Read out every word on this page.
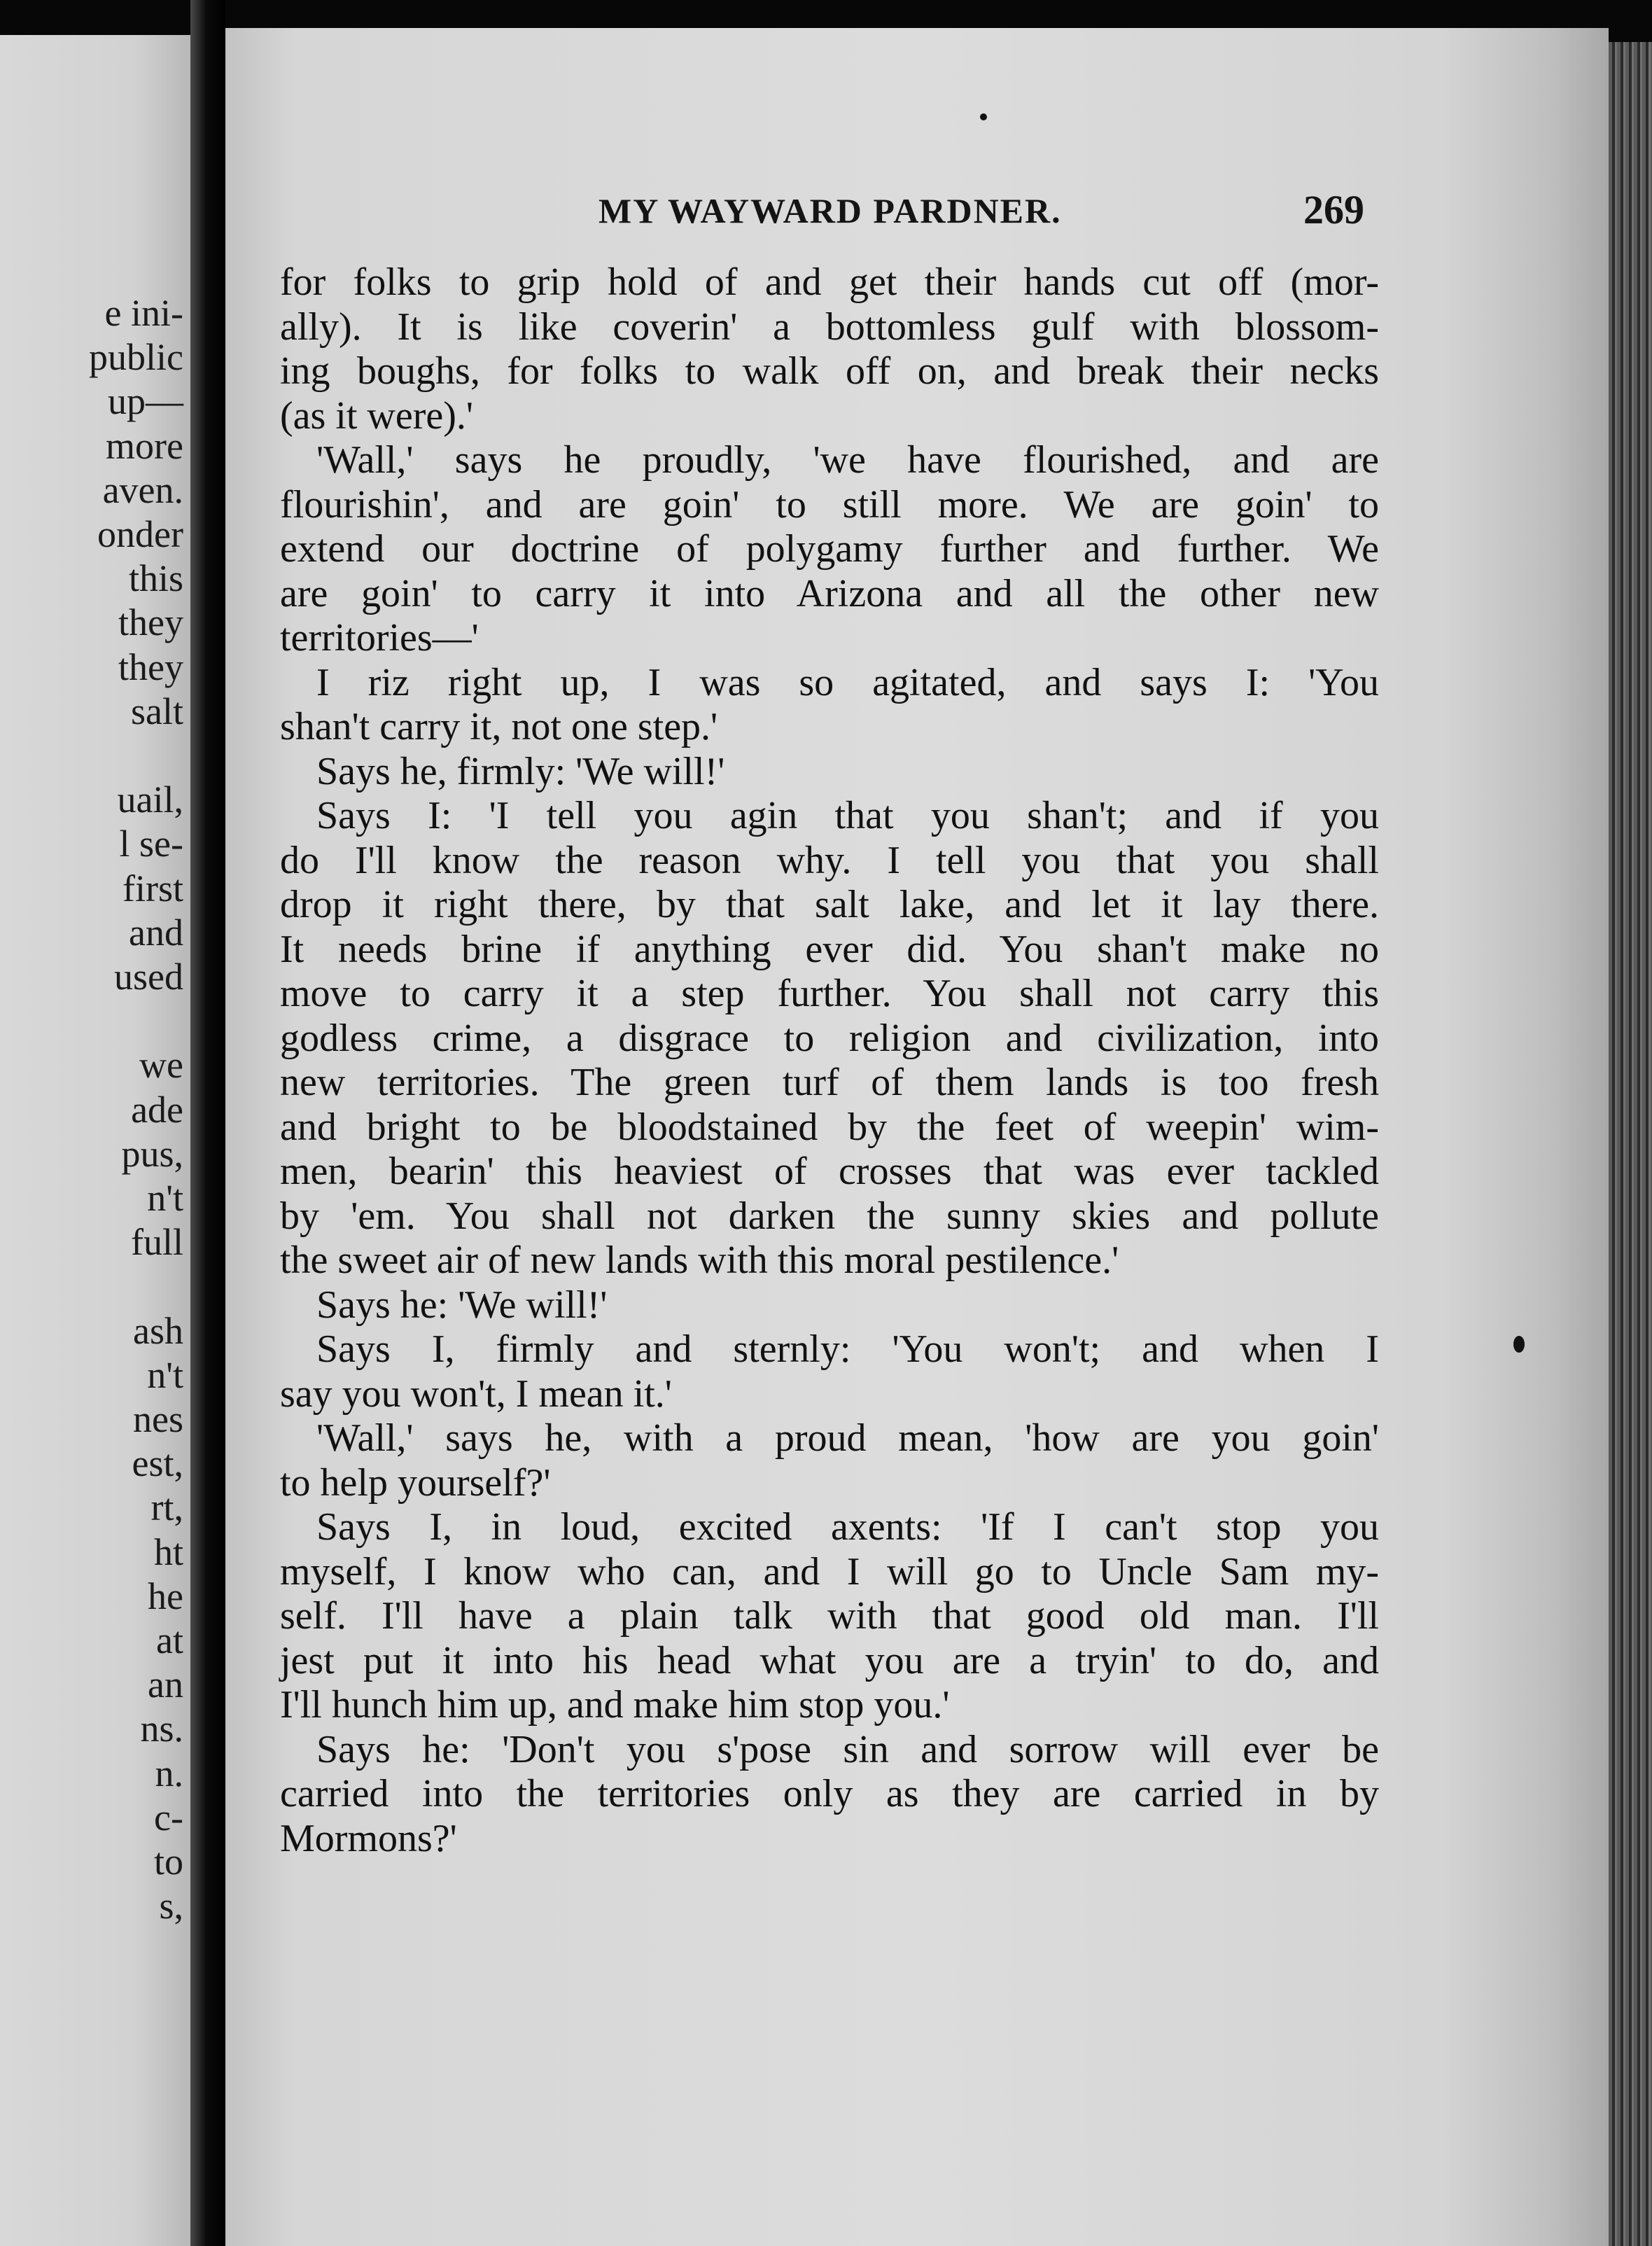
e ini-
public
up—
more
aven.
onder
this
they
they
salt
uail,
l se-
first
and
used
we
ade
pus,
n't
full
ash
n't
nes
est,
rt,
ht
he
at
an
ns.
n.
c-
to
s,
MY WAYWARD PARDNER.	269
for folks to grip hold of and get their hands cut off (mor-
ally). It is like coverin' a bottomless gulf with blossom-
ing boughs, for folks to walk off on, and break their necks
(as it were).'
'Wall,' says he proudly, 'we have flourished, and are
flourishin', and are goin' to still more. We are goin' to
extend our doctrine of polygamy further and further. We
are goin' to carry it into Arizona and all the other new
territories—'
I riz right up, I was so agitated, and says I: 'You
shan't carry it, not one step.'
Says he, firmly: 'We will!'
Says I: 'I tell you agin that you shan't; and if you
do I'll know the reason why. I tell you that you shall
drop it right there, by that salt lake, and let it lay there.
It needs brine if anything ever did. You shan't make no
move to carry it a step further. You shall not carry this
godless crime, a disgrace to religion and civilization, into
new territories. The green turf of them lands is too fresh
and bright to be bloodstained by the feet of weepin' wim-
men, bearin' this heaviest of crosses that was ever tackled
by 'em. You shall not darken the sunny skies and pollute
the sweet air of new lands with this moral pestilence.'
Says he: 'We will!'
Says I, firmly and sternly: 'You won't; and when I
say you won't, I mean it.'
'Wall,' says he, with a proud mean, 'how are you goin'
to help yourself?'
Says I, in loud, excited axents: 'If I can't stop you
myself, I know who can, and I will go to Uncle Sam my-
self. I'll have a plain talk with that good old man. I'll
jest put it into his head what you are a tryin' to do, and
I'll hunch him up, and make him stop you.'
Says he: 'Don't you s'pose sin and sorrow will ever be
carried into the territories only as they are carried in by
Mormons?'
